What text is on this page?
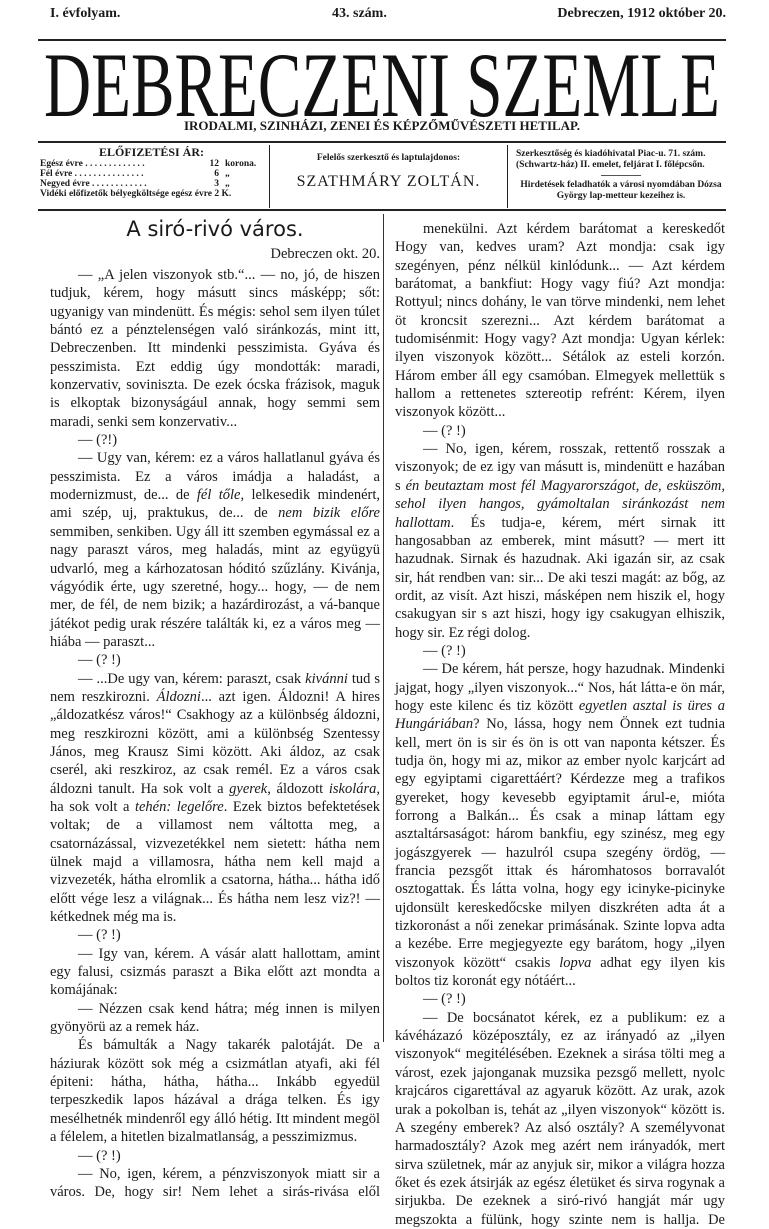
I. évfolyam.	43. szám.	Debreczen, 1912 október 20.
DEBRECZENI SZEMLE
IRODALMI, SZINHÁZI, ZENEI ÉS KÉPZŐMŰVÉSZETI HETILAP.
ELŐFIZETÉSI ÁR:
Egész évre . . . . . . . . . . . . .	12 korona.
Fél évre . . . . . . . . . . . . . . .	6 „
Negyed évre . . . . . . . . . . . .	3 „
Vidéki előfizetők bélyegköltsége egész évre 2 K.
Felelős szerkesztő és laptulajdonos:
SZATHMÁRY ZOLTÁN.
Szerkesztőség és kiadóhivatal Piac-u. 71. szám. (Schwartz-ház) II. emelet, feljárat I. főlépcsőn.
Hirdetések feladhatók a városi nyomdában Dózsa György lap-metteur kezeihez is.
A siró-rivó város.
Debreczen okt. 20.

— „A jelen viszonyok stb.“... — no, jó, de hiszen tudjuk, kérem, hogy másutt sincs másképp; sőt: ugyanigy van mindenütt. És mégis: sehol sem ilyen túlet bántó ez a pénztelenségen való siránkozás, mint itt, Debreczenben. Itt mindenki pesszimista. Gyáva és pesszimista. Ezt eddig úgy mondották: maradi, konzervativ, soviniszta. De ezek ócska frázisok, maguk is elkoptak bizonyságául annak, hogy semmi sem maradi, senki sem konzervativ...

— (?!)

— Ugy van, kérem: ez a város hallatlanul gyáva és pesszimista. Ez a város imádja a haladást, a modernizmust, de... de fél tőle, lelkesedik mindenért, ami szép, uj, praktukus, de... de nem bizik előre semmiben, senkiben. Ugy áll itt szemben egymással ez a nagy paraszt város, meg haladás, mint az együgyü udvarló, meg a kárhozatosan hóditó szűzlány. Kivánja, vágyódik érte, ugy szeretné, hogy... hogy, — de nem mer, de fél, de nem bizik; a hazárdirozást, a vá-banque játékot pedig urak részére találták ki, ez a város meg — hiába — paraszt...

— (? !)

— ...De ugy van, kérem: paraszt, csak kivánni tud s nem reszkirozni. Áldozni... azt igen. Áldozni! A hires „áldozatkész város!“ Csakhogy az a különbség áldozni, meg reszkirozni között, ami a különbség Szentessy János, meg Krausz Simi között. Aki áldoz, az csak cserél, aki reszkiroz, az csak remél. Ez a város csak áldozni tanult. Ha sok volt a gyerek, áldozott iskolára, ha sok volt a tehén: legelőre. Ezek biztos befektetések voltak; de a villamost nem váltotta meg, a csatornázással, vizvezetékkel nem sietett: hátha nem ülnek majd a villamosra, hátha nem kell majd a vizvezeték, hátha elromlik a csatorna, hátha... hátha idő előtt vége lesz a világnak... És hátha nem lesz viz?! — kétkednek még ma is.

— (? !)

— Igy van, kérem. A vásár alatt hallottam, amint egy falusi, csizmás paraszt a Bika előtt azt mondta a komájának:

— Nézzen csak kend hátra; még innen is milyen gyönyörü az a remek ház.

És bámulták a Nagy takarék palotáját. De a háziurak között sok még a csizmátlan atyafi, aki fél épiteni: hátha, hátha, hátha... Inkább egyedül terpeszkedik lapos házával a drága telken. És igy mesélhetnék mindenről egy álló hétig. Itt mindent megöl a félelem, a hitetlen bizalmatlanság, a pesszimizmus.

— (? !)

— No, igen, kérem, a pénzviszonyok miatt sir a város. De, hogy sir! Nem lehet a sirás-rivása elől

menekülni. Azt kérdem barátomat a kereskedőt Hogy van, kedves uram? Azt mondja: csak igy szegényen, pénz nélkül kinlódunk... — Azt kérdem barátomat, a bankfiut: Hogy vagy fiú? Azt mondja: Rottyul; nincs dohány, le van törve mindenki, nem lehet öt kroncsit szerezni... Azt kérdem barátomat a tudomisénmit: Hogy vagy? Azt mondja: Ugyan kérlek: ilyen viszonyok között... Sétálok az esteli korzón. Három ember áll egy csamóban. Elmegyek mellettük s hallom a rettenetes sztereotip refrént: Kérem, ilyen viszonyok között...

— (? !)

— No, igen, kérem, rosszak, rettentő rosszak a viszonyok; de ez igy van másutt is, mindenütt e hazában s én beutaztam most fél Magyarországot, de, esküszöm, sehol ilyen hangos, gyámoltalan siránkozást nem hallottam. És tudja-e, kérem, mért sirnak itt hangosabban az emberek, mint másutt? — mert itt hazudnak. Sirnak és hazudnak. Aki igazán sir, az csak sir, hát rendben van: sir... De aki teszi magát: az bőg, az ordit, az visít. Azt hiszi, másképen nem hiszik el, hogy csakugyan sir s azt hiszi, hogy igy csakugyan elhiszik, hogy sir. Ez régi dolog.

— (? !)

— De kérem, hát persze, hogy hazudnak. Mindenki jajgat, hogy „ilyen viszonyok...“ Nos, hát látta-e ön már, hogy este kilenc és tiz között egyetlen asztal is üres a Hungáriában? No, lássa, hogy nem Önnek ezt tudnia kell, mert ön is sir és ön is ott van naponta kétszer. És tudja ön, hogy mi az, mikor az ember nyolc karjcárt ad egy egyiptami cigarettáért? Kérdezze meg a trafikos gyereket, hogy kevesebb egyiptamit árul-e, mióta forrong a Balkán... És csak a minap láttam egy asztaltársaságot: három bankfiu, egy szinész, meg egy jogászgyerek — hazulról csupa szegény ördög, — francia pezsgőt ittak és háromhatosos borravalót osztogattak. És látta volna, hogy egy icinyke-picinyke ujdonsült kereskedőcske milyen diszkréten adta át a tizkoronást a női zenekar primásának. Szinte lopva adta a kezébe. Erre megjegyezte egy barátom, hogy „ilyen viszonyok között“ csakis lopva adhat egy ilyen kis boltos tiz koronát egy nótáért...

— (? !)

— De bocsánatot kérek, ez a publikum: ez a kávéházazó középosztály, ez az irányadó az „ilyen viszonyok“ megitélésében. Ezeknek a sirása tölti meg a várost, ezek jajonganak muzsika pezsgő mellett, nyolc krajcáros cigarettával az agyaruk között. Az urak, azok urak a pokolban is, tehát az „ilyen viszonyok“ között is. A szegény emberek? Az alsó osztály? A személyvonat harmadosztály? Azok meg azért nem irányadók, mert sirva születnek, már az anyjuk sir, mikor a világra hozza őket és ezek átsirják az egész életüket és sirva rogynak a sirjukba. De ezeknek a siró-rivó hangját már ugy megszokta a fülünk, hogy szinte nem is hallja. De
